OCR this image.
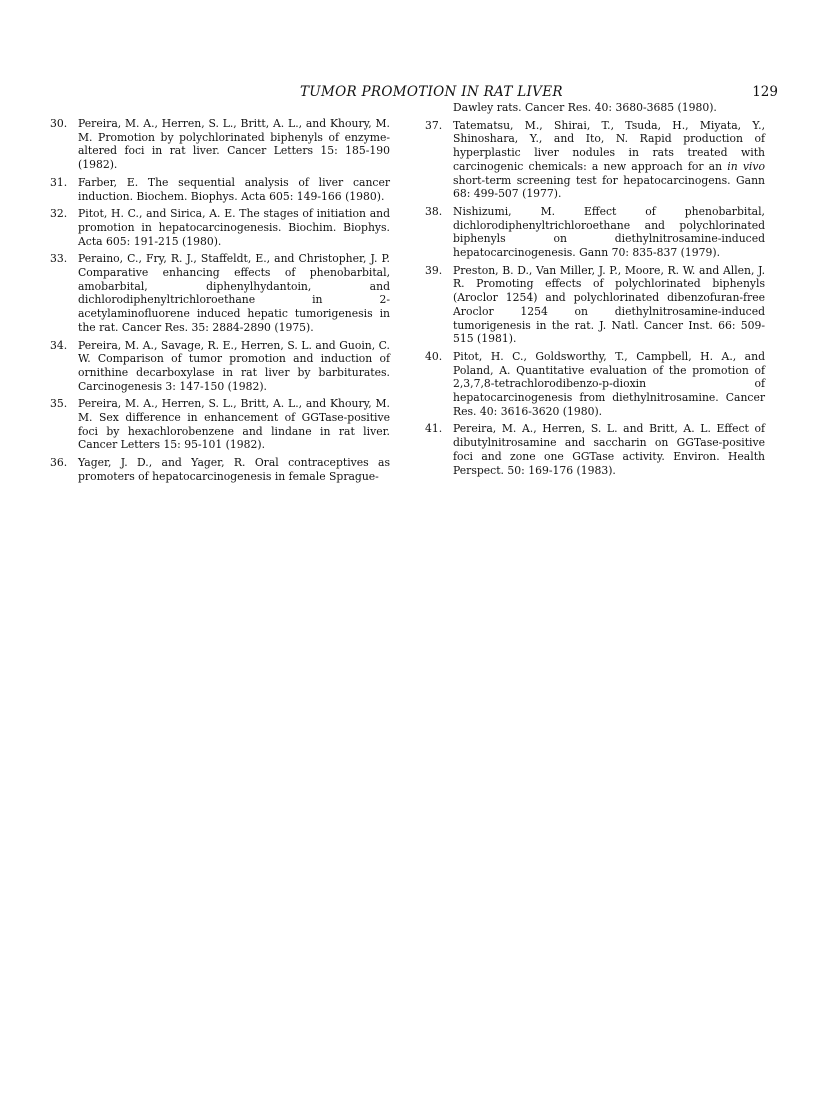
TUMOR PROMOTION IN RAT LIVER	129
30. Pereira, M. A., Herren, S. L., Britt, A. L., and Khoury, M. M. Promotion by polychlorinated biphenyls of enzyme-altered foci in rat liver. Cancer Letters 15: 185-190 (1982).
31. Farber, E. The sequential analysis of liver cancer induction. Biochem. Biophys. Acta 605: 149-166 (1980).
32. Pitot, H. C., and Sirica, A. E. The stages of initiation and promotion in hepatocarcinogenesis. Biochim. Biophys. Acta 605: 191-215 (1980).
33. Peraino, C., Fry, R. J., Staffeldt, E., and Christopher, J. P. Comparative enhancing effects of phenobarbital, amobarbital, diphenylhydantoin, and dichlorodiphenyltrichloroethane in 2-acetylaminofluorene induced hepatic tumorigenesis in the rat. Cancer Res. 35: 2884-2890 (1975).
34. Pereira, M. A., Savage, R. E., Herren, S. L. and Guoin, C. W. Comparison of tumor promotion and induction of ornithine decarboxylase in rat liver by barbiturates. Carcinogenesis 3: 147-150 (1982).
35. Pereira, M. A., Herren, S. L., Britt, A. L., and Khoury, M. M. Sex difference in enhancement of GGTase-positive foci by hexachlorobenzene and lindane in rat liver. Cancer Letters 15: 95-101 (1982).
36. Yager, J. D., and Yager, R. Oral contraceptives as promoters of hepatocarcinogenesis in female Sprague-
Dawley rats. Cancer Res. 40: 3680-3685 (1980).
37. Tatematsu, M., Shirai, T., Tsuda, H., Miyata, Y., Shinoshara, Y., and Ito, N. Rapid production of hyperplastic liver nodules in rats treated with carcinogenic chemicals: a new approach for an in vivo short-term screening test for hepatocarcinogens. Gann 68: 499-507 (1977).
38. Nishizumi, M. Effect of phenobarbital, dichlorodiphenyltrichloroethane and polychlorinated biphenyls on diethylnitrosamine-induced hepatocarcinogenesis. Gann 70: 835-837 (1979).
39. Preston, B. D., Van Miller, J. P., Moore, R. W. and Allen, J. R. Promoting effects of polychlorinated biphenyls (Aroclor 1254) and polychlorinated dibenzofuran-free Aroclor 1254 on diethylnitrosamine-induced tumorigenesis in the rat. J. Natl. Cancer Inst. 66: 509-515 (1981).
40. Pitot, H. C., Goldsworthy, T., Campbell, H. A., and Poland, A. Quantitative evaluation of the promotion of 2,3,7,8-tetrachlorodibenzo-p-dioxin of hepatocarcinogenesis from diethylnitrosamine. Cancer Res. 40: 3616-3620 (1980).
41. Pereira, M. A., Herren, S. L. and Britt, A. L. Effect of dibutylnitrosamine and saccharin on GGTase-positive foci and zone one GGTase activity. Environ. Health Perspect. 50: 169-176 (1983).
